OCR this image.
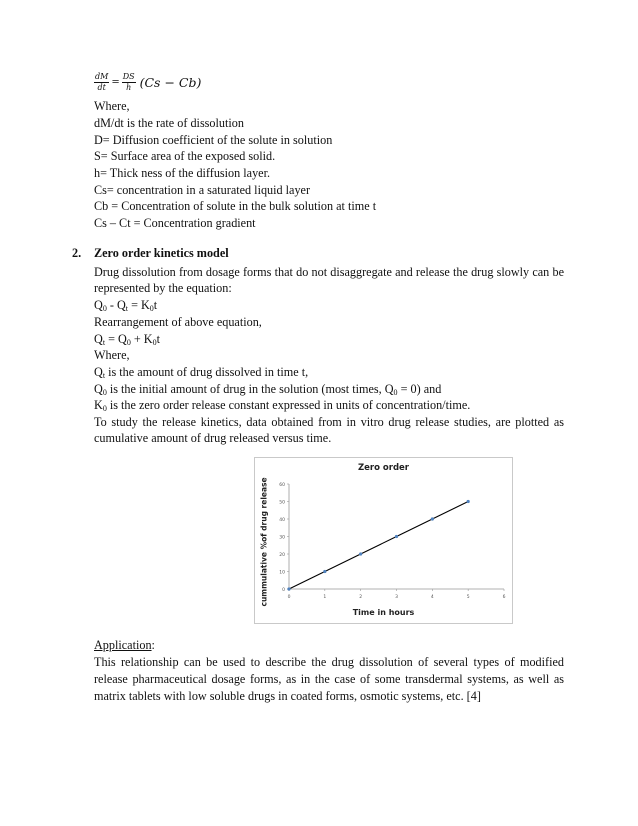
$\frac{dM}{dt} = \frac{DS}{h} (Cs - Cb)$
Where,
dM/dt is the rate of dissolution
D= Diffusion coefficient of the solute in solution
S= Surface area of the exposed solid.
h= Thick ness of the diffusion layer.
Cs= concentration in a saturated liquid layer
Cb = Concentration of solute in the bulk solution at time t
Cs – Ct = Concentration gradient
2. Zero order kinetics model
Drug dissolution from dosage forms that do not disaggregate and release the drug slowly can be represented by the equation:
$Q_0 - Q_t = K_0t$
Rearrangement of above equation,
$Q_t = Q_0 + K_0t$
Where,
$Q_t$ is the amount of drug dissolved in time t,
$Q_0$ is the initial amount of drug in the solution (most times, $Q_0 = 0$) and
$K_0$ is the zero order release constant expressed in units of concentration/time.
To study the release kinetics, data obtained from in vitro drug release studies, are plotted as cumulative amount of drug released versus time.
Zero order
0
10
20
30
40
50
60
0	1	2	3	4	5	6
cummulative %of drug release
Time in hours
Application:
This relationship can be used to describe the drug dissolution of several types of modified release pharmaceutical dosage forms, as in the case of some transdermal systems, as well as matrix tablets with low soluble drugs in coated forms, osmotic systems, etc. [4]
